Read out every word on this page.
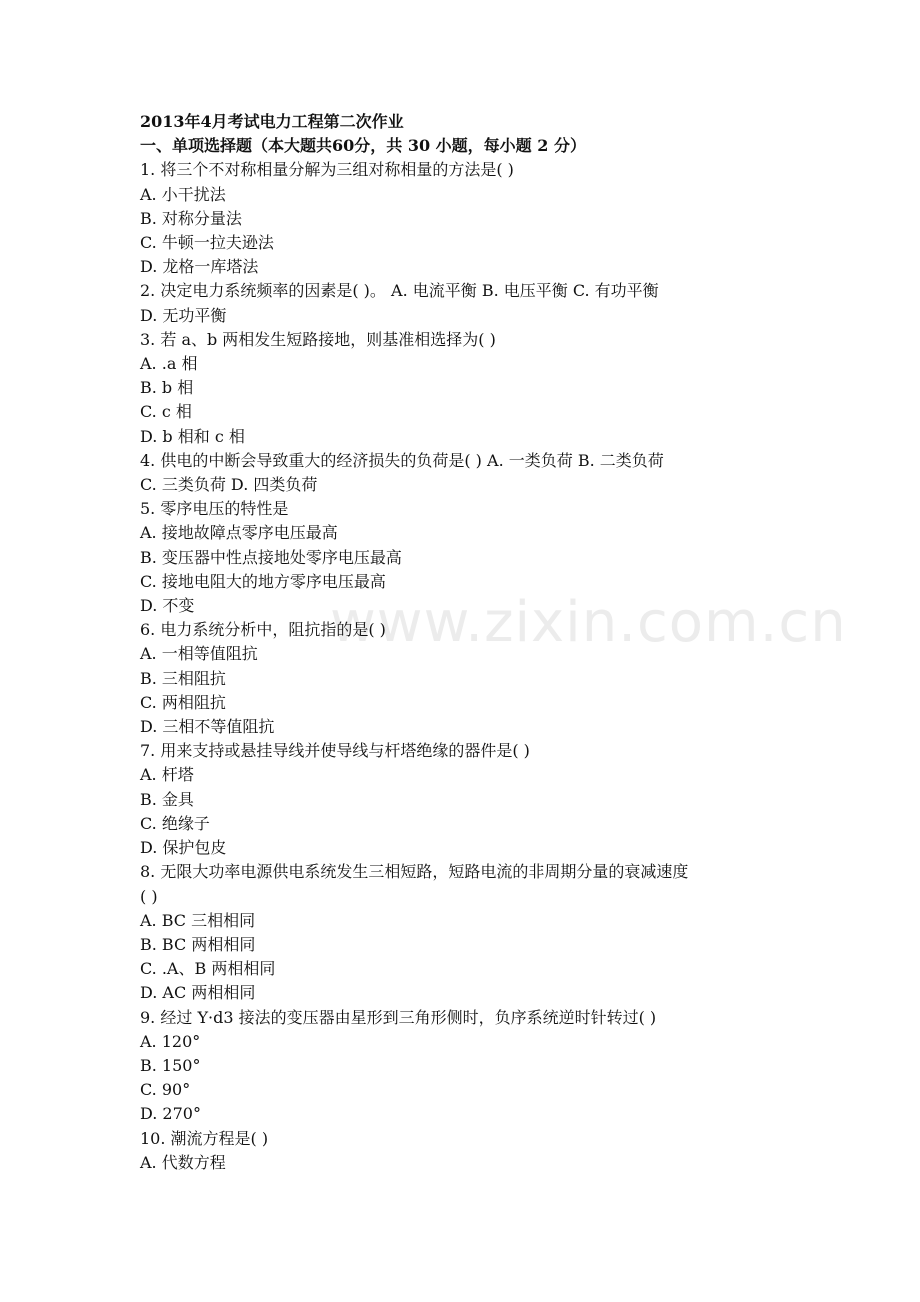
www.zixin.com.cn

2013年4月考试电力工程第二次作业

一、单项选择题（本大题共60分，共 30 小题，每小题 2 分）

1. 将三个不对称相量分解为三组对称相量的方法是( )

A. 小干扰法

B. 对称分量法

C. 牛顿一拉夫逊法

D. 龙格一库塔法

2. 决定电力系统频率的因素是( )。 A. 电流平衡 B. 电压平衡 C. 有功平衡

D. 无功平衡

3. 若 a、b 两相发生短路接地，则基准相选择为( )

A. .a 相

B. b 相

C. c 相

D. b 相和 c 相

4. 供电的中断会导致重大的经济损失的负荷是( ) A. 一类负荷 B. 二类负荷

C. 三类负荷 D. 四类负荷

5. 零序电压的特性是

A. 接地故障点零序电压最高

B. 变压器中性点接地处零序电压最高

C. 接地电阻大的地方零序电压最高

D. 不变

6. 电力系统分析中，阻抗指的是( )

A. 一相等值阻抗

B. 三相阻抗

C. 两相阻抗

D. 三相不等值阻抗

7. 用来支持或悬挂导线并使导线与杆塔绝缘的器件是( )

A. 杆塔

B. 金具

C. 绝缘子

D. 保护包皮

8. 无限大功率电源供电系统发生三相短路，短路电流的非周期分量的衰减速度

( )

A. BC 三相相同

B. BC 两相相同

C. .A、B 两相相同

D. AC 两相相同

9. 经过 Y·d3 接法的变压器由星形到三角形侧时，负序系统逆时针转过( )

A. 120°

B. 150°

C. 90°

D. 270°

10. 潮流方程是( )

A. 代数方程
